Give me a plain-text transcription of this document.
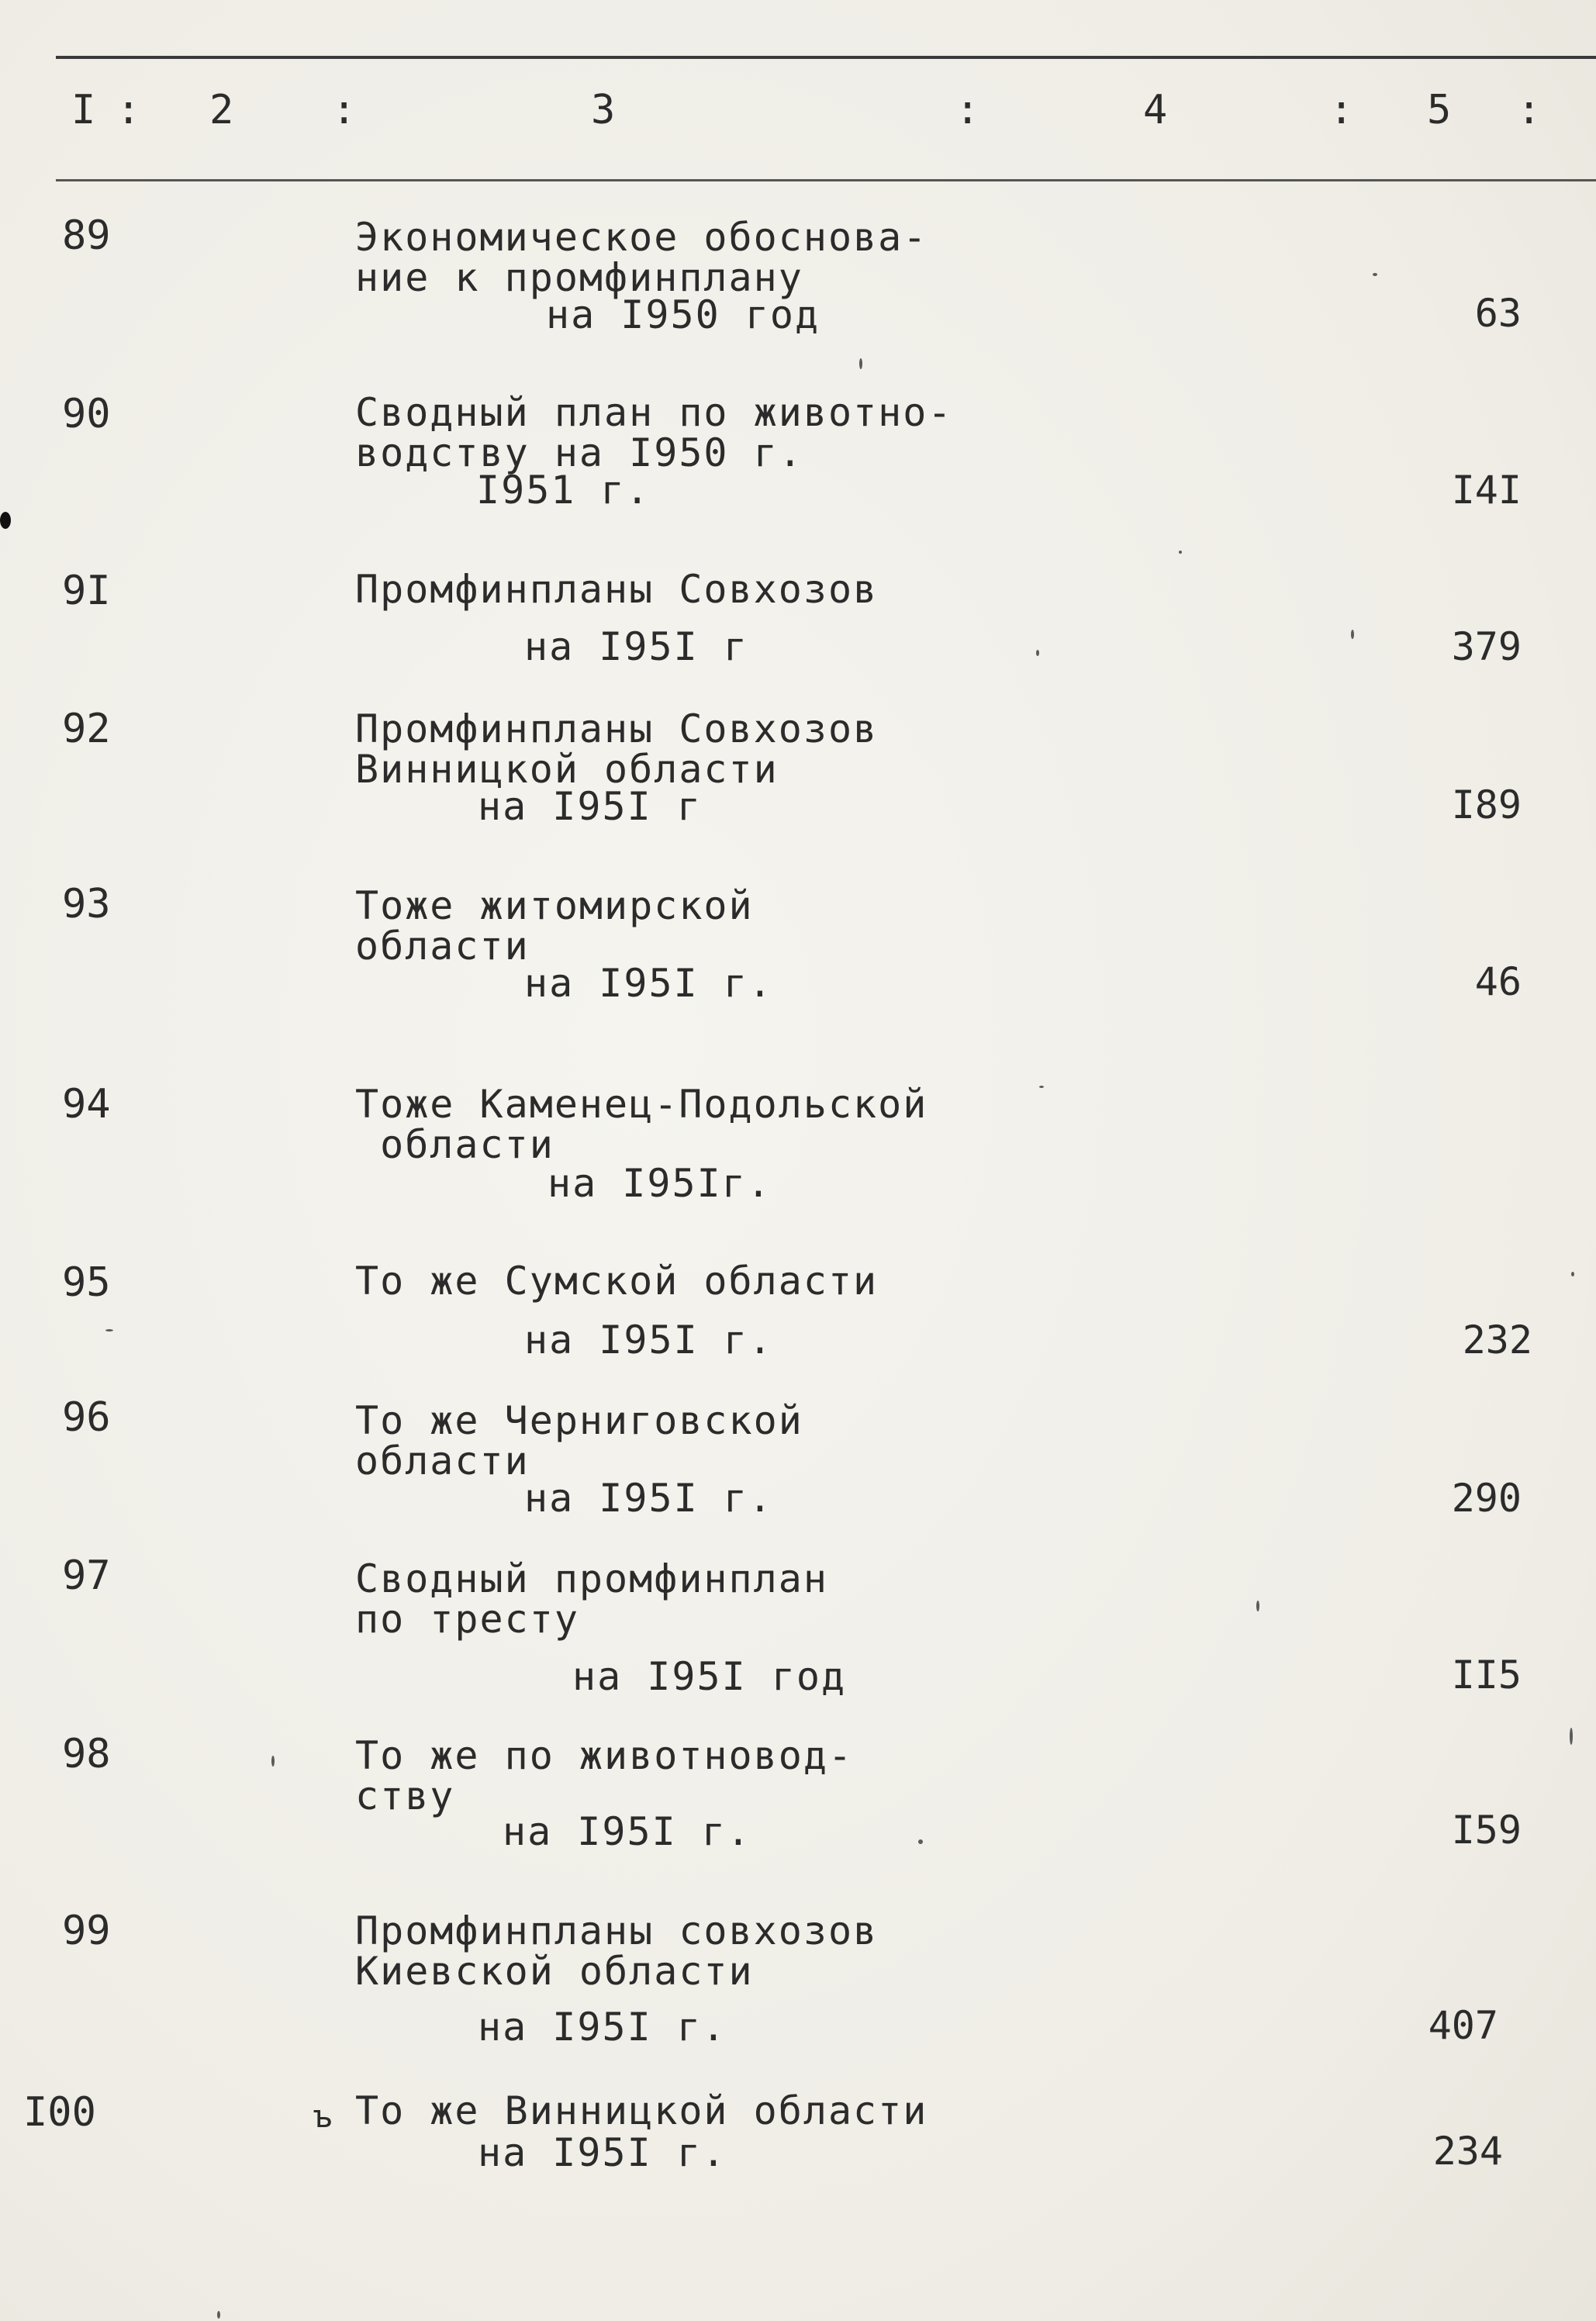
I : 2 :	3	:	4	: 5 :
89	Экономическое обоснова-
ние к промфинплану
на I950 год	63
90	Сводный план по животно-
водству на I950 г.
I951 г.	I4I
9I	Промфинпланы Совхозов
на I95I г	379
92	Промфинпланы Совхозов
Винницкой области
на I95I г	I89
93	Тоже житомирской
области
на I95I г.	46
94	Тоже Каменец-Подольской
области
на I95Iг.
95	То же Сумской области
на I95I г.	232
96	То же Черниговской
области
на I95I г.	290
97	Сводный промфинплан
по тресту
на I95I год	II5
98	То же по животновод-
ству
на I95I г.	I59
99	Промфинпланы совхозов
Киевской области
на I95I г.	407
I00	ъ То же Винницкой области
на I95I г.	234
